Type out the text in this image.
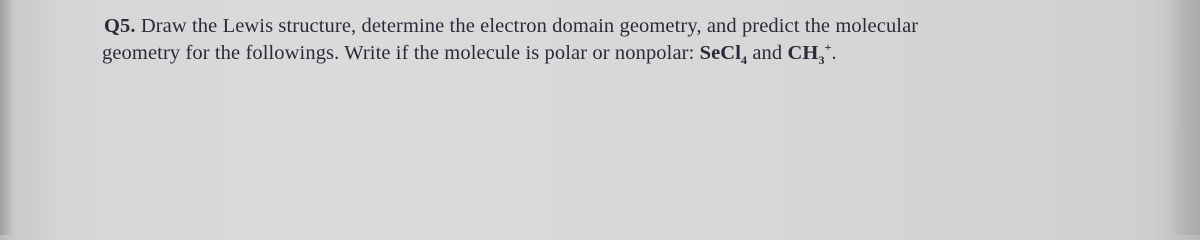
Q5. Draw the Lewis structure, determine the electron domain geometry, and predict the molecular
geometry for the followings. Write if the molecule is polar or nonpolar: SeCl$_4$ and $CH_3^+$.
